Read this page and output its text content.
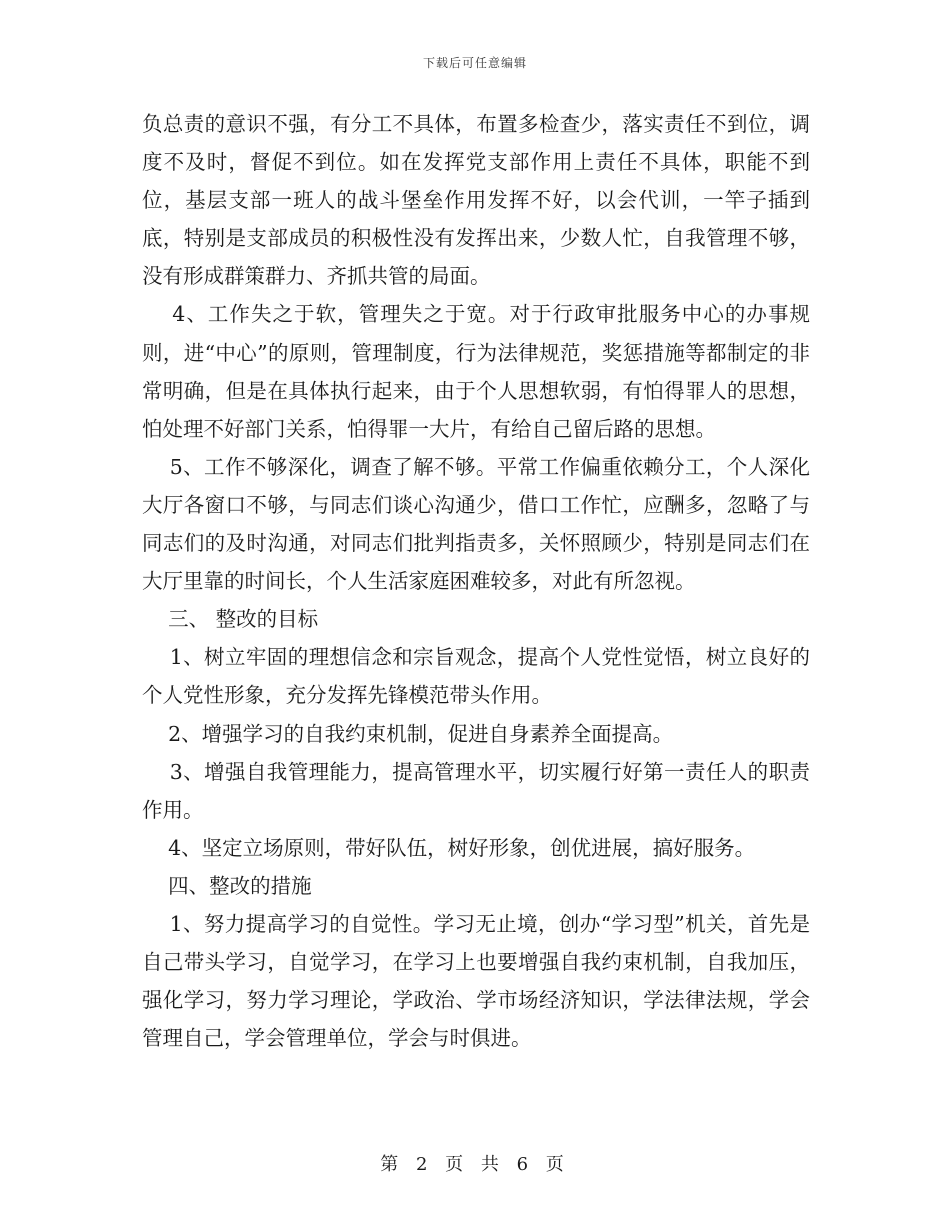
下载后可任意编辑

负总责的意识不强，有分工不具体，布置多检查少，落实责任不到位，调度不及时，督促不到位。如在发挥党支部作用上责任不具体，职能不到位，基层支部一班人的战斗堡垒作用发挥不好，以会代训，一竿子插到底，特别是支部成员的积极性没有发挥出来，少数人忙，自我管理不够，没有形成群策群力、齐抓共管的局面。

4、工作失之于软，管理失之于宽。对于行政审批服务中心的办事规则，进“中心”的原则，管理制度，行为法律规范，奖惩措施等都制定的非常明确，但是在具体执行起来，由于个人思想软弱，有怕得罪人的思想，怕处理不好部门关系，怕得罪一大片，有给自己留后路的思想。

5、工作不够深化，调查了解不够。平常工作偏重依赖分工，个人深化大厅各窗口不够，与同志们谈心沟通少，借口工作忙，应酬多，忽略了与同志们的及时沟通，对同志们批判指责多，关怀照顾少，特别是同志们在大厅里靠的时间长，个人生活家庭困难较多，对此有所忽视。

三、 整改的目标

1、树立牢固的理想信念和宗旨观念，提高个人党性觉悟，树立良好的个人党性形象，充分发挥先锋模范带头作用。

2、增强学习的自我约束机制，促进自身素养全面提高。

3、增强自我管理能力，提高管理水平，切实履行好第一责任人的职责作用。

4、坚定立场原则，带好队伍，树好形象，创优进展，搞好服务。

四、整改的措施

1、努力提高学习的自觉性。学习无止境，创办“学习型”机关，首先是自己带头学习，自觉学习，在学习上也要增强自我约束机制，自我加压，强化学习，努力学习理论，学政治、学市场经济知识，学法律法规，学会管理自己，学会管理单位，学会与时俱进。

第 2 页 共 6 页
